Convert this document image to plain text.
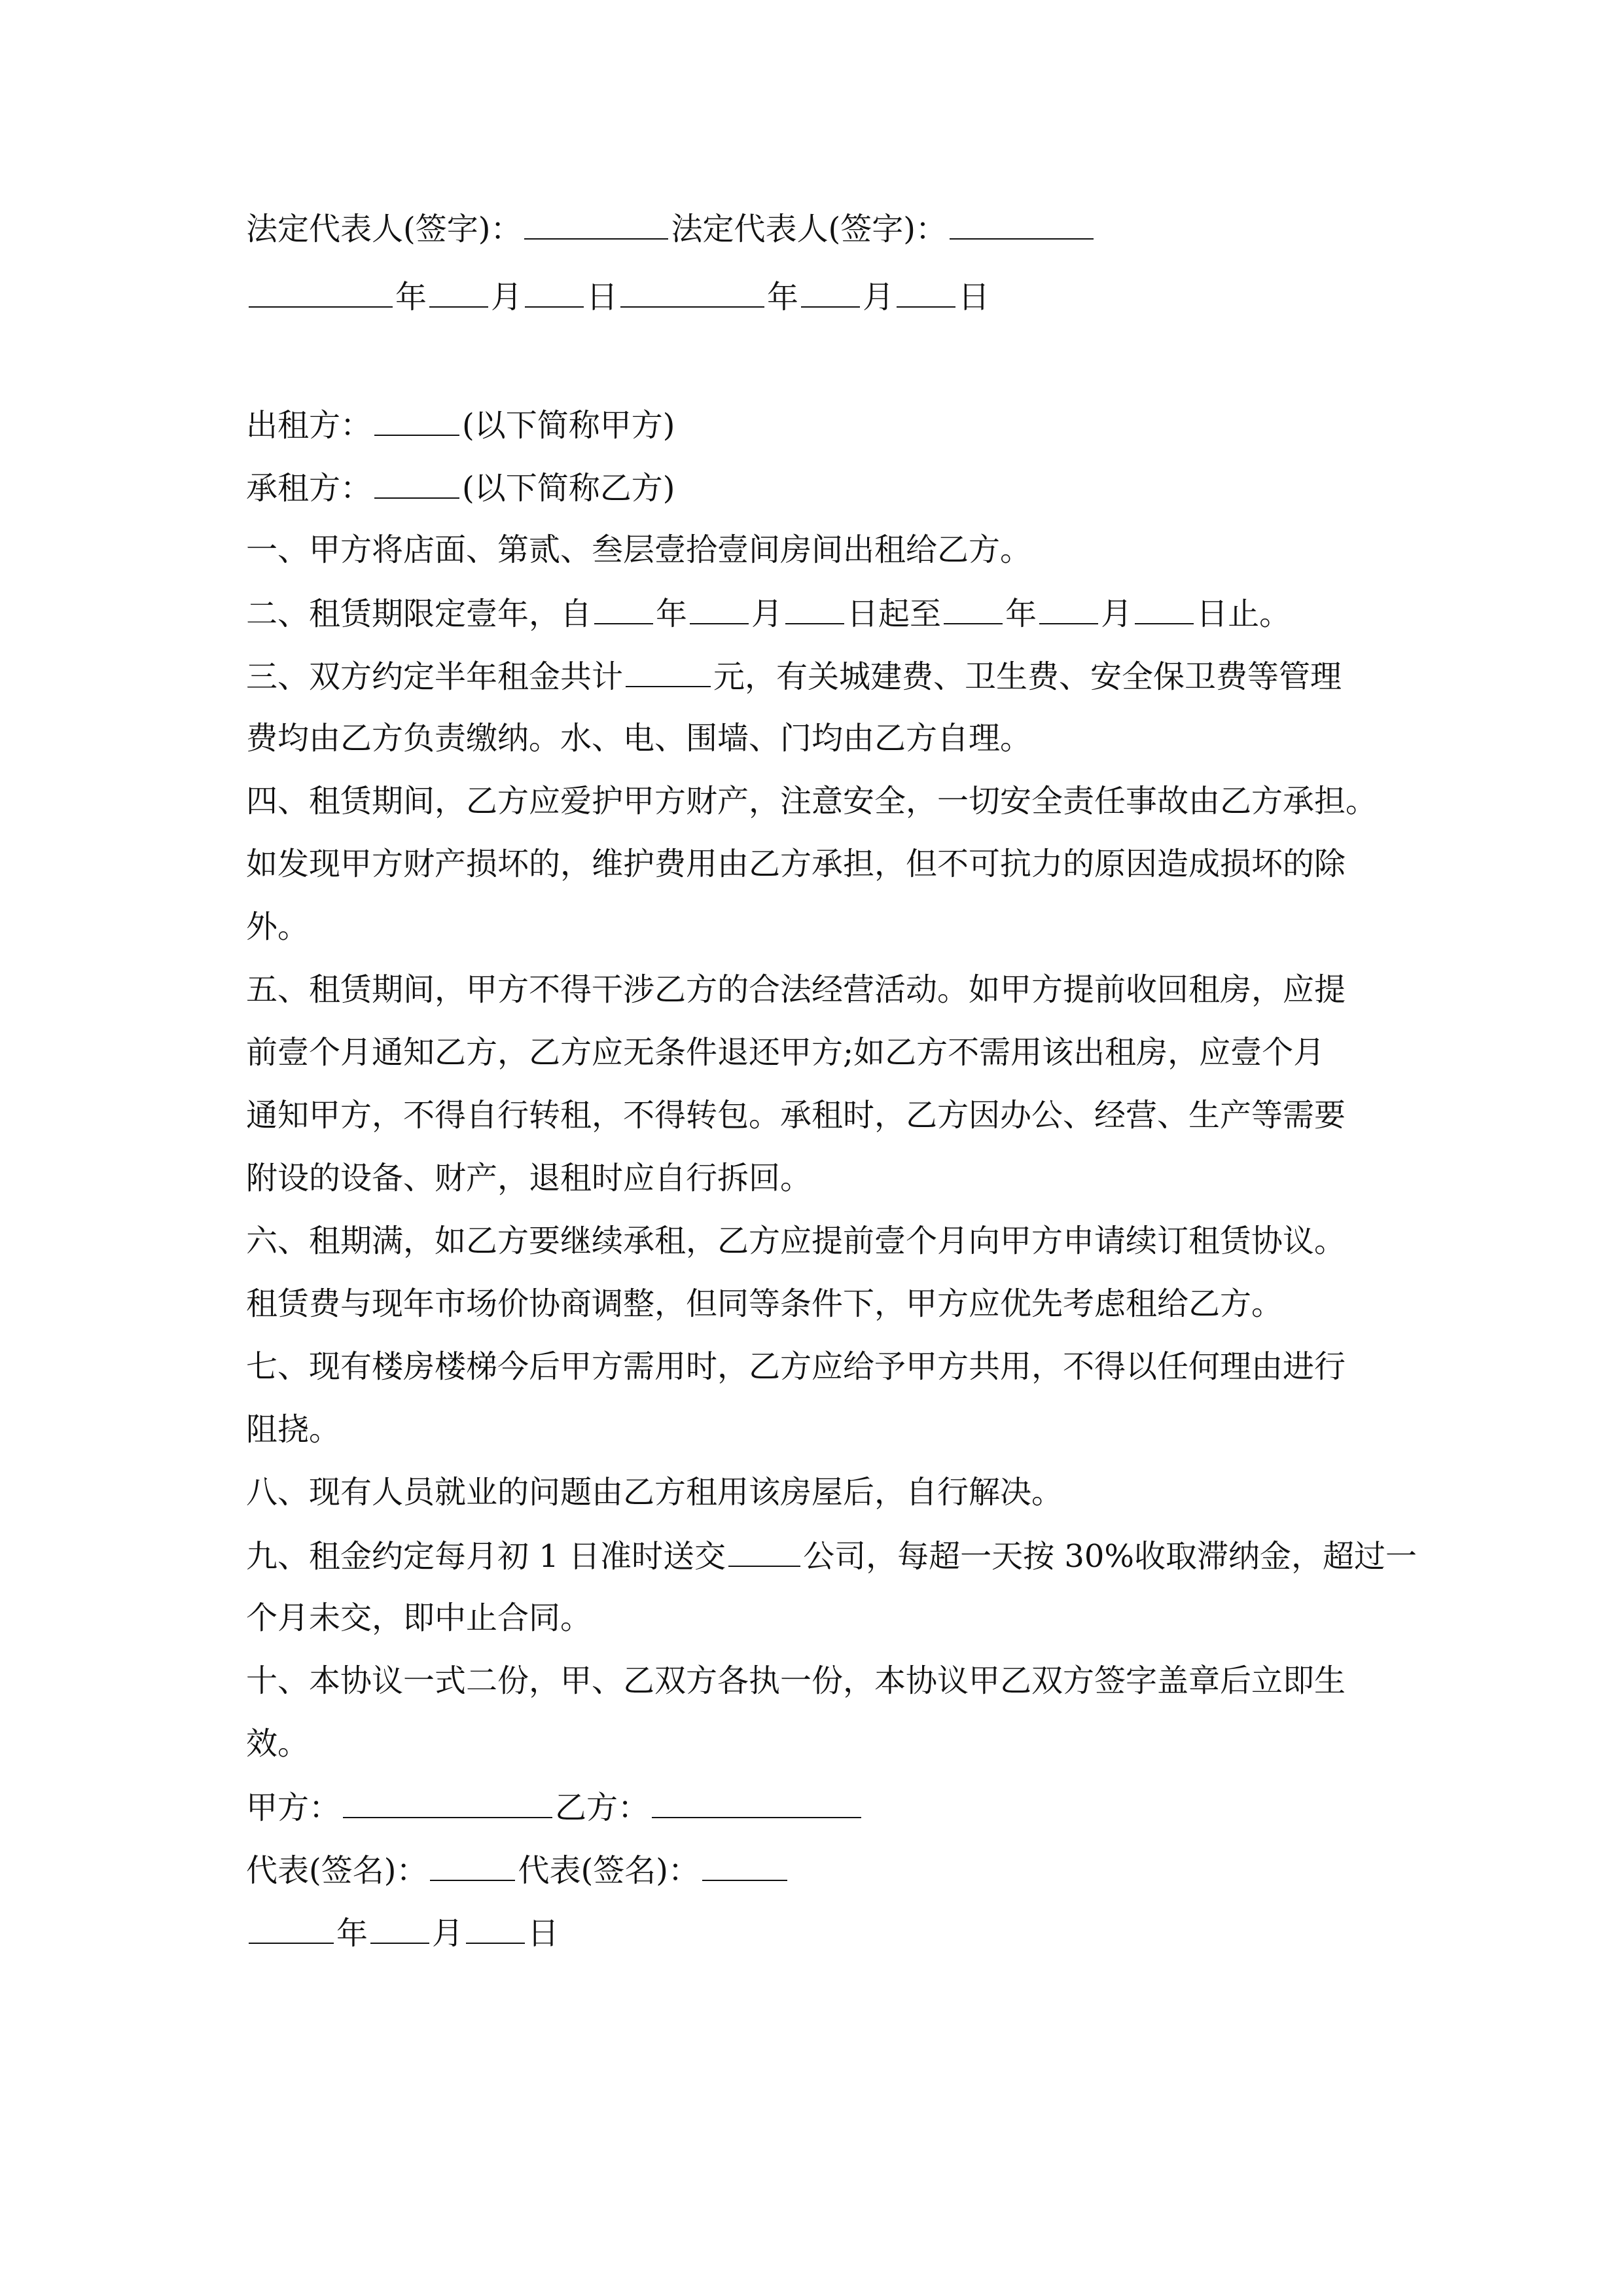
法定代表人(签字)：	法定代表人(签字)：
年 月 日	年 月 日
出租方：	(以下简称甲方)
承租方：	(以下简称乙方)
一、甲方将店面、第贰、叁层壹拾壹间房间出租给乙方。
二、租赁期限定壹年，自 年 月 日起至 年 月 日止。
三、双方约定半年租金共计	元，有关城建费、卫生费、安全保卫费等管理
费均由乙方负责缴纳。水、电、围墙、门均由乙方自理。
四、租赁期间，乙方应爱护甲方财产，注意安全，一切安全责任事故由乙方承担。
如发现甲方财产损坏的，维护费用由乙方承担，但不可抗力的原因造成损坏的除
外。
五、租赁期间，甲方不得干涉乙方的合法经营活动。如甲方提前收回租房，应提
前壹个月通知乙方，乙方应无条件退还甲方;如乙方不需用该出租房，应壹个月
通知甲方，不得自行转租，不得转包。承租时，乙方因办公、经营、生产等需要
附设的设备、财产，退租时应自行拆回。
六、租期满，如乙方要继续承租，乙方应提前壹个月向甲方申请续订租赁协议。
租赁费与现年市场价协商调整，但同等条件下，甲方应优先考虑租给乙方。
七、现有楼房楼梯今后甲方需用时，乙方应给予甲方共用，不得以任何理由进行
阻挠。
八、现有人员就业的问题由乙方租用该房屋后，自行解决。
九、租金约定每月初 1 日准时送交 公司，每超一天按 30%收取滞纳金，超过一
个月未交，即中止合同。
十、本协议一式二份，甲、乙双方各执一份，本协议甲乙双方签字盖章后立即生
效。
甲方：	乙方：
代表(签名)：	代表(签名)：
年 月 日
